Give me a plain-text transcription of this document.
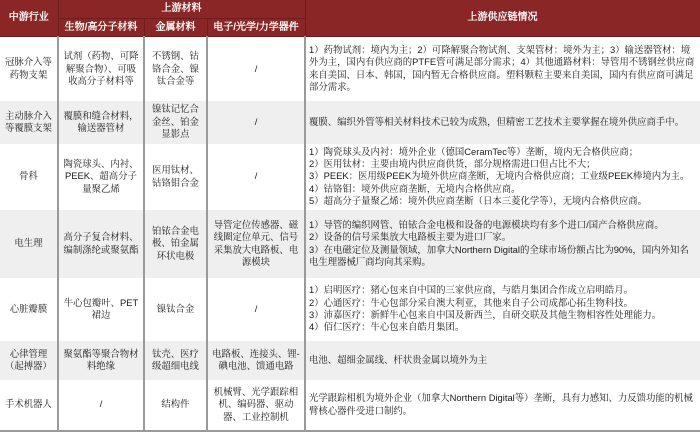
中游行业	上游材料			上游供应链情况
	生物/高分子材料	金属材料	电子/光学/力学器件	
冠脉介入等药物支架	试剂（药物、可降解聚合物）、可吸收高分子材料等	不锈钢、钴铬合金、镍钛合金等	/	1）药物试剂：境内为主；2）可降解聚合物试剂、支架管材：境外为主；3）输送器管材：境外为主，国内有供应商的PTFE管可满足部分需求；4）其他通路材料：导管用不锈钢丝供应商来自美国、日本、韩国，国内暂无合格供应商。塑料颗粒主要来自美国，国内有供应商可满足部分需求。

主动脉介入等覆膜支架	覆膜和缝合材料，输送器管材	镍钛记忆合金丝、铂金显影点	/	覆膜、编织外管等相关材料技术已较为成熟，但精密工艺技术主要掌握在境外供应商手中。

骨科	陶瓷球头、内衬、PEEK、超高分子量聚乙烯	医用钛材、钴铬钼合金	/	1）陶瓷球头及内衬：境外企业（德国CeramTec等）垄断，境内无合格供应商；
2）医用钛材：主要由境内供应商供货，部分规格需进口但占比不大；
3）PEEK：医用级PEEK为境外供应商垄断，无境内合格供应商；工业级PEEK棒境内为主。
4）钴铬钼：境外供应商垄断，无境内合格供应商。
5）超高分子量聚乙烯：境外供应商垄断（日本三菱化学等），无境内合格供应商。

电生理	高分子复合材料、编制涤纶或聚氨酯	铂铱合金电极、铂金属环状电极	导管定位传感器、磁线圈定位单元、信号采集放大电路板、电源模块	1）导管的编织网管、铂铱合金电极和设备的电源模块均有多个进口/国产合格供应商。
2）设备的信号采集放大电路板主要为进口厂家。
3）在电磁定位及测量领域，加拿大Northern Digital的全球市场份额占比为90%，国内外知名电生理器械厂商均向其采购。

心脏瓣膜	牛心包瓣叶、PET裙边	镍钛合金	/	1）启明医疗：猪心包来自中国的三家供应商，与皓月集团合作成立启明皓月。
2）心通医疗：牛心包部分采自澳大利亚，其他来自子公司成都心拓生物科技。
3）沛嘉医疗：新鲜牛心包来自中国及新西兰，自研交联及其他生物相容性处理能力。
4）佰仁医疗：牛心包来自皓月集团。

心律管理（起搏器）	聚氨酯等聚合物材料绝缘	钛壳、医疗级超细电线	电路板、连接头、锂-碘电池、馈通电路	电池、超细金属线、杆状贵金属以境外为主

手术机器人	/	结构件	机械臂、光学跟踪相机、编码器、驱动器、工业控制机	光学跟踪相机为境外企业（加拿大Northern Digital等）垄断，具有力感知、力反馈功能的机械臂核心器件受进口制约。
